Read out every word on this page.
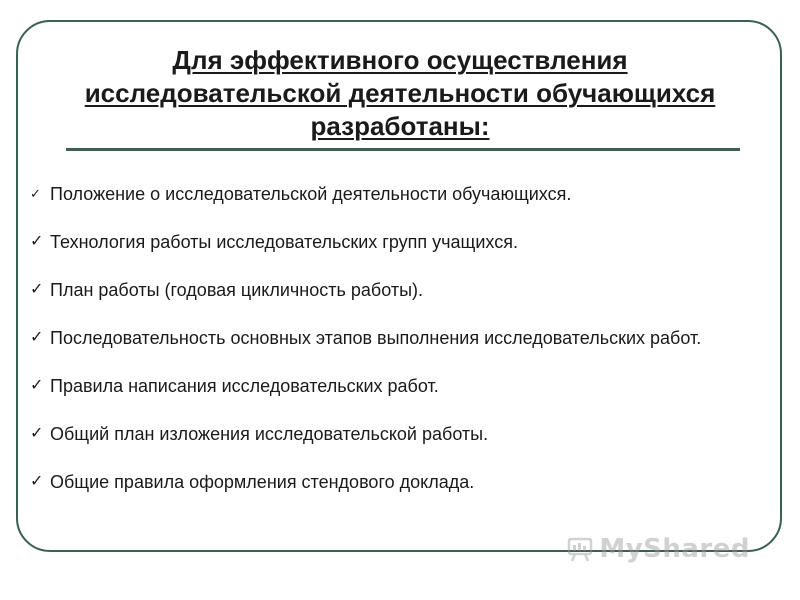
Для эффективного осуществления
исследовательской деятельности обучающихся
разработаны:
✓ Положение о исследовательской деятельности обучающихся.
✓ Технология работы исследовательских групп учащихся.
✓ План работы (годовая цикличность работы).
✓ Последовательность основных этапов выполнения исследовательских работ.
✓ Правила написания исследовательских работ.
✓ Общий план изложения исследовательской работы.
✓ Общие правила оформления стендового доклада.
MyShared
